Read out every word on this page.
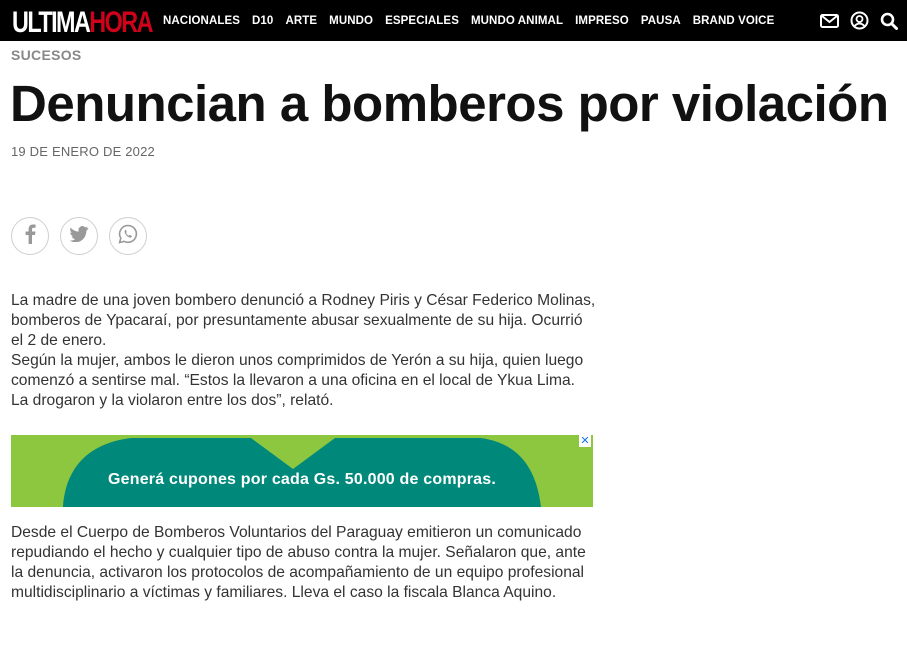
ULTIMA HORA NACIONALES D10 ARTE MUNDO ESPECIALES MUNDO ANIMAL IMPRESO PAUSA BRAND VOICE
SUCESOS
Denuncian a bomberos por violación
19 DE ENERO DE 2022

La madre de una joven bombero denunció a Rodney Piris y César Federico Molinas, bomberos de Ypacaraí, por presuntamente abusar sexualmente de su hija. Ocurrió el 2 de enero.

Según la mujer, ambos le dieron unos comprimidos de Yerón a su hija, quien luego comenzó a sentirse mal. “Estos la llevaron a una oficina en el local de Ykua Lima. La drogaron y la violaron entre los dos”, relató.

Generá cupones por cada Gs. 50.000 de compras.
✕

Desde el Cuerpo de Bomberos Voluntarios del Paraguay emitieron un comunicado repudiando el hecho y cualquier tipo de abuso contra la mujer. Señalaron que, ante la denuncia, activaron los protocolos de acompañamiento de un equipo profesional multidisciplinario a víctimas y familiares. Lleva el caso la fiscala Blanca Aquino.
